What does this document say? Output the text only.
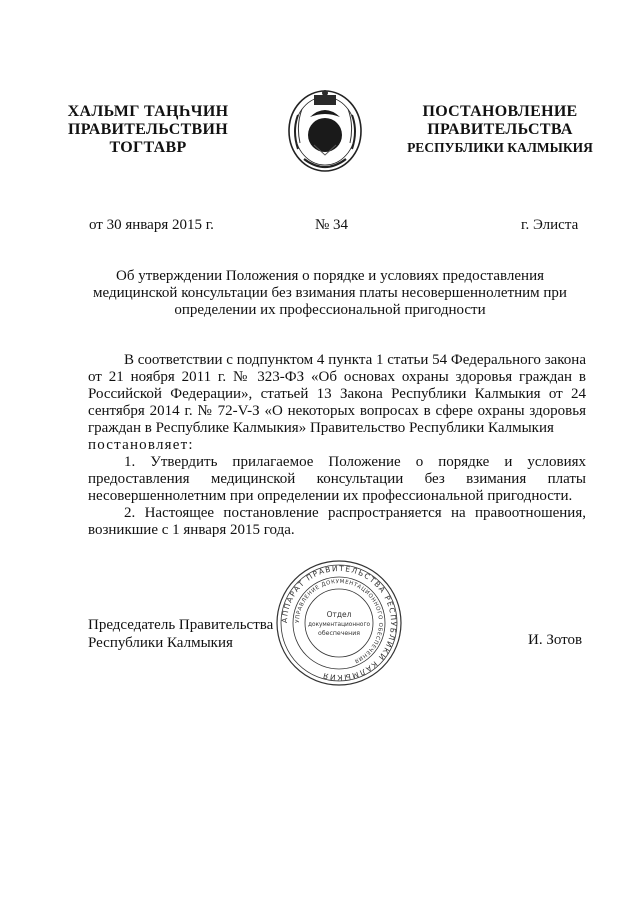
ХАЛЬМГ ТАҢҺЧИН
ПРАВИТЕЛЬСТВИН
ТОГТАВР
ПОСТАНОВЛЕНИЕ
ПРАВИТЕЛЬСТВА
РЕСПУБЛИКИ КАЛМЫКИЯ
от 30 января 2015 г.	№ 34	г. Элиста
Об утверждении Положения о порядке и условиях предоставления
медицинской консультации без взимания платы несовершеннолетним при
определении их профессиональной пригодности

В соответствии с подпунктом 4 пункта 1 статьи 54 Федерального закона от 21 ноября 2011 г. № 323-ФЗ «Об основах охраны здоровья граждан в Российской Федерации», статьей 13 Закона Республики Калмыкия от 24 сентября 2014 г. № 72-V-З «О некоторых вопросах в сфере охраны здоровья граждан в Республике Калмыкия» Правительство Республики Калмыкия

постановляет:

1. Утвердить прилагаемое Положение о порядке и условиях предоставления медицинской консультации без взимания платы несовершеннолетним при определении их профессиональной пригодности.

2. Настоящее постановление распространяется на правоотношения, возникшие с 1 января 2015 года.

Председатель Правительства
Республики Калмыкия
АППАРАТ ПРАВИТЕЛЬСТВА РЕСПУБЛИКИ КАЛМЫКИЯ
УПРАВЛЕНИЕ ДОКУМЕНТАЦИОННОГО ОБЕСПЕЧЕНИЯ
Отдел
документационного
обеспечения	И. Зотов
